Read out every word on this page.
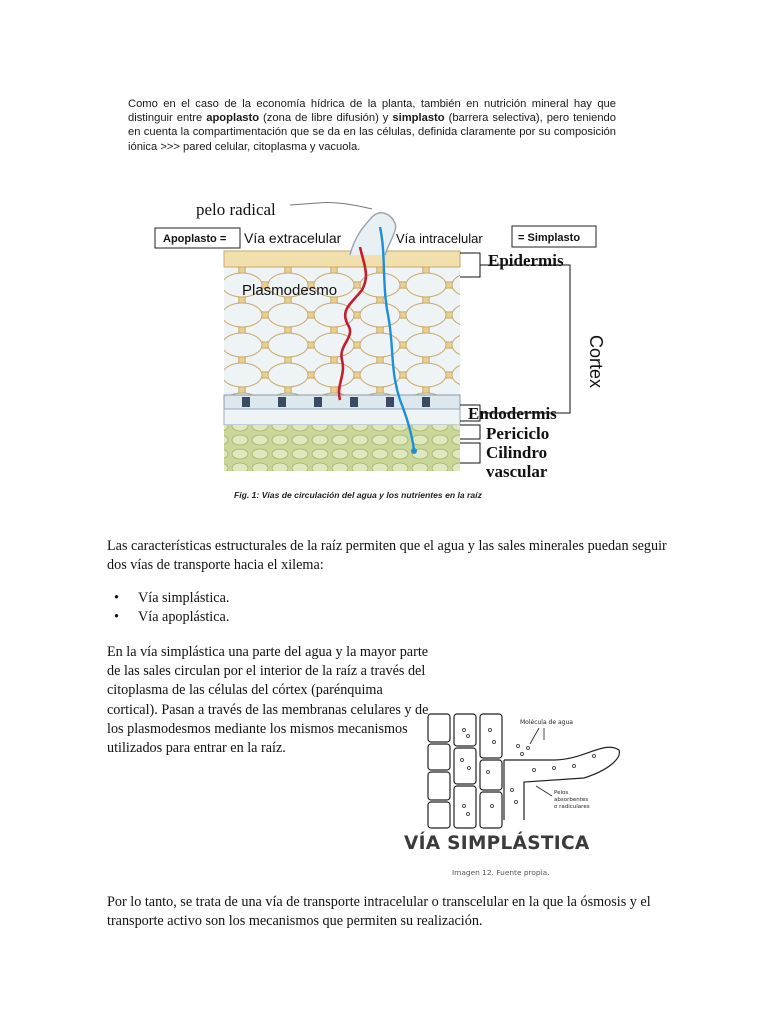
Como en el caso de la economía hídrica de la planta, también en nutrición mineral hay que distinguir entre apoplasto (zona de libre difusión) y simplasto (barrera selectiva), pero teniendo en cuenta la compartimentación que se da en las células, definida claramente por su composición iónica >>> pared celular, citoplasma y vacuola.
pelo radical
Apoplasto = Vía extracelular	Vía intracelular	= Simplasto
Plasmodesmo
Epidermis
Cortex
Endodermis
Periciclo
Cilindro
vascular
Fig. 1: Vías de circulación del agua y los nutrientes en la raíz

Las características estructurales de la raíz permiten que el agua y las sales minerales puedan seguir dos vías de transporte hacia el xilema:

• Vía simplástica.
• Vía apoplástica.

En la vía simplástica una parte del agua y la mayor parte de las sales circulan por el interior de la raíz a través del citoplasma de las células del córtex (parénquima cortical). Pasan a través de las membranas celulares y de los plasmodesmos mediante los mismos mecanismos utilizados para entrar en la raíz.

Molécula de agua
Pelos
absorbentes
o radiculares
VÍA SIMPLÁSTICA
Imagen 12. Fuente propia.

Por lo tanto, se trata de una vía de transporte intracelular o transcelular en la que la ósmosis y el transporte activo son los mecanismos que permiten su realización.
